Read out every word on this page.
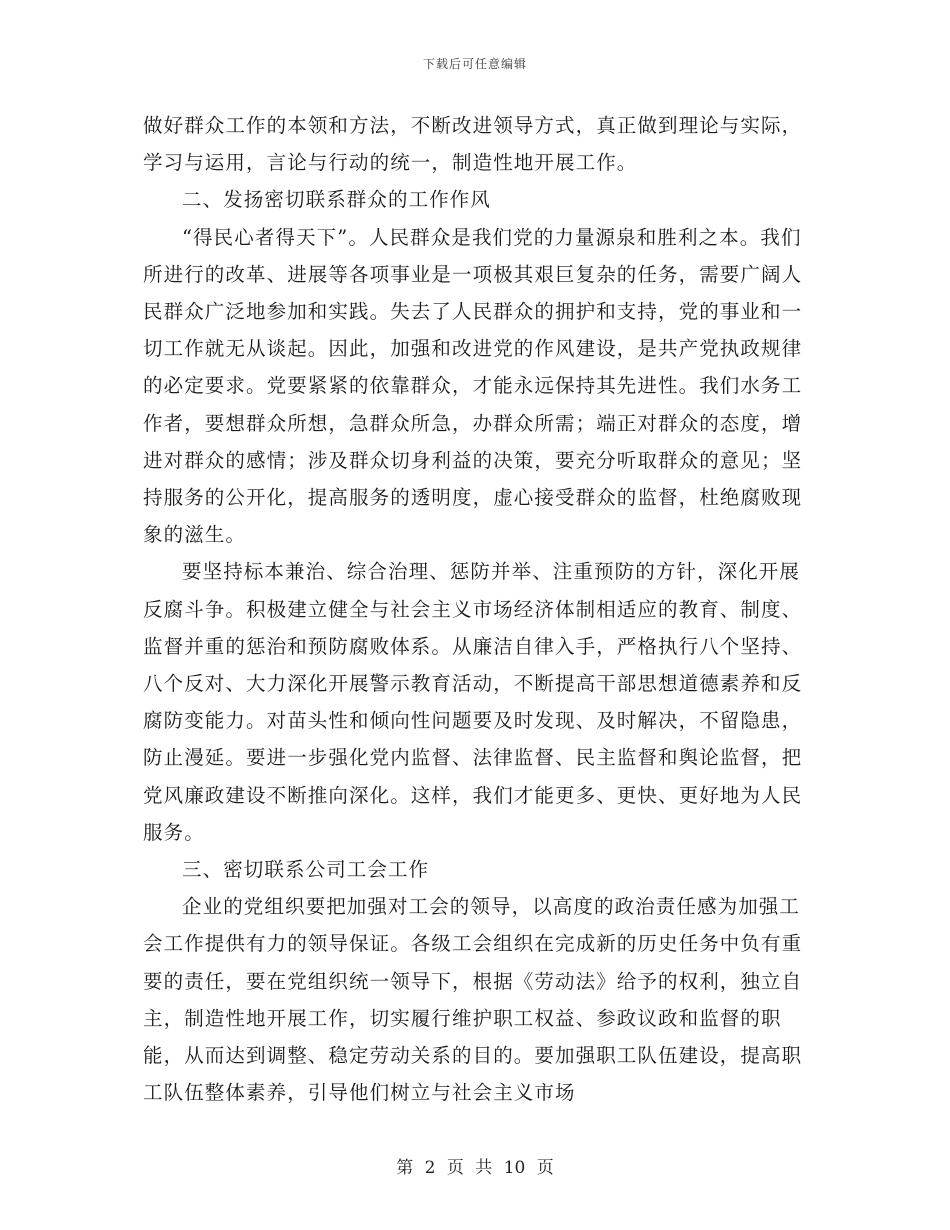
下载后可任意编辑

做好群众工作的本领和方法，不断改进领导方式，真正做到理论与实际，学习与运用，言论与行动的统一，制造性地开展工作。

二、发扬密切联系群众的工作作风

“得民心者得天下”。人民群众是我们党的力量源泉和胜利之本。我们所进行的改革、进展等各项事业是一项极其艰巨复杂的任务，需要广阔人民群众广泛地参加和实践。失去了人民群众的拥护和支持，党的事业和一切工作就无从谈起。因此，加强和改进党的作风建设，是共产党执政规律的必定要求。党要紧紧的依靠群众，才能永远保持其先进性。我们水务工作者，要想群众所想，急群众所急，办群众所需；端正对群众的态度，增进对群众的感情；涉及群众切身利益的决策，要充分听取群众的意见；坚持服务的公开化，提高服务的透明度，虚心接受群众的监督，杜绝腐败现象的滋生。

要坚持标本兼治、综合治理、惩防并举、注重预防的方针，深化开展反腐斗争。积极建立健全与社会主义市场经济体制相适应的教育、制度、监督并重的惩治和预防腐败体系。从廉洁自律入手，严格执行八个坚持、八个反对、大力深化开展警示教育活动，不断提高干部思想道德素养和反腐防变能力。对苗头性和倾向性问题要及时发现、及时解决，不留隐患，防止漫延。要进一步强化党内监督、法律监督、民主监督和舆论监督，把党风廉政建设不断推向深化。这样，我们才能更多、更快、更好地为人民服务。

三、密切联系公司工会工作

企业的党组织要把加强对工会的领导，以高度的政治责任感为加强工会工作提供有力的领导保证。各级工会组织在完成新的历史任务中负有重要的责任，要在党组织统一领导下，根据《劳动法》给予的权利，独立自主，制造性地开展工作，切实履行维护职工权益、参政议政和监督的职能，从而达到调整、稳定劳动关系的目的。要加强职工队伍建设，提高职工队伍整体素养，引导他们树立与社会主义市场

第 2 页 共 10 页
